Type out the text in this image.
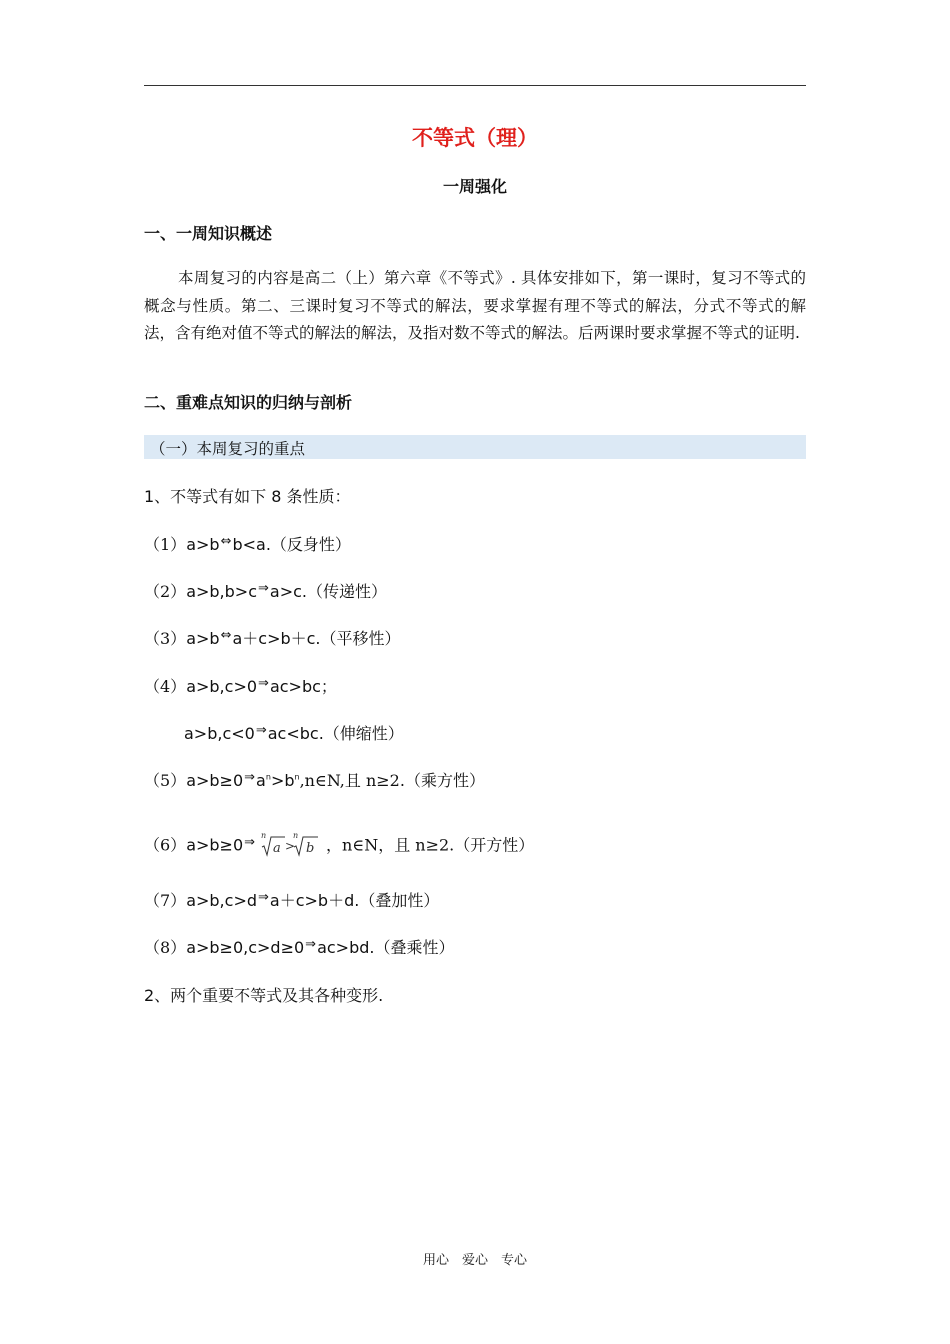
不等式（理）
一周强化
一、一周知识概述

本周复习的内容是高二（上）第六章《不等式》. 具体安排如下，第一课时，复习不等式的概念与性质。第二、三课时复习不等式的解法，要求掌握有理不等式的解法，分式不等式的解法，含有绝对值不等式的解法的解法，及指对数不等式的解法。后两课时要求掌握不等式的证明.

二、重难点知识的归纳与剖析
（一）本周复习的重点
1、不等式有如下 8 条性质：
（1）a>b⇔b<a.（反身性）
（2）a>b,b>c⇒a>c.（传递性）
（3）a>b⇔a＋c>b＋c.（平移性）
（4）a>b,c>0⇒ac>bc；
a>b,c<0⇒ac<bc.（伸缩性）
$(5)a>b\ge 0^\Rightarrow a^n>b^n,n\in N$,且 n≥2.（乘方性）
（6）a>b≥0⇒ n
a >
n
b ，n∈N，且 n≥2.（开方性）
（7）a>b,c>d⇒a＋c>b＋d.（叠加性）
（8）a>b≥0,c>d≥0⇒ac>bd.（叠乘性）
2、两个重要不等式及其各种变形.
用心　爱心　专心
